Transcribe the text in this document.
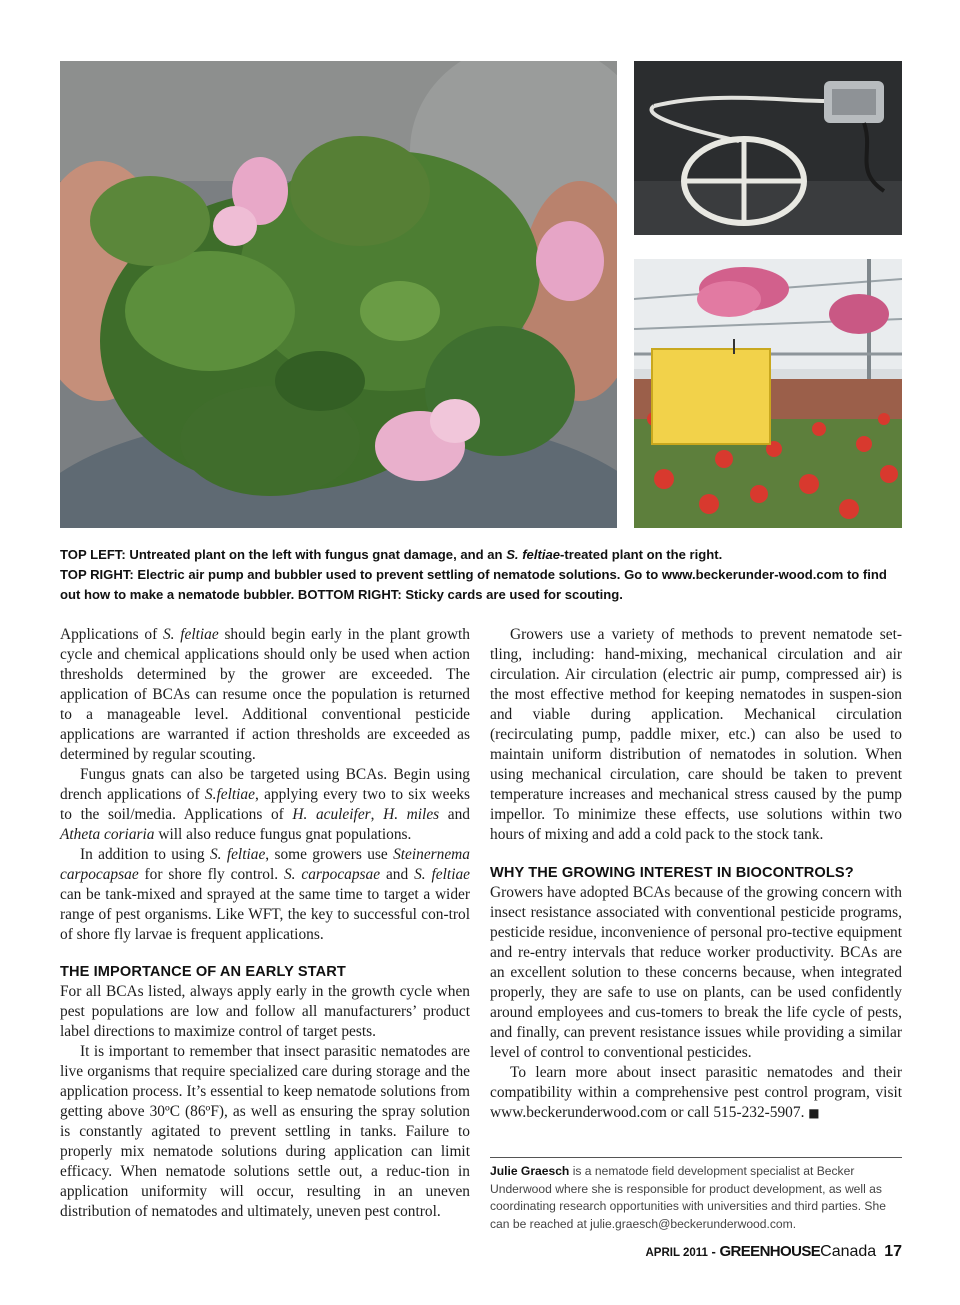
TOP LEFT: Untreated plant on the left with fungus gnat damage, and an S. feltiae-treated plant on the right.
TOP RIGHT: Electric air pump and bubbler used to prevent settling of nematode solutions. Go to www.beckerunder-wood.com to find out how to make a nematode bubbler. BOTTOM RIGHT: Sticky cards are used for scouting.

Applications of S. feltiae should begin early in the plant growth cycle and chemical applications should only be used when action thresholds determined by the grower are exceeded. The application of BCAs can resume once the population is returned to a manageable level. Additional conventional pesticide applications are warranted if action thresholds are exceeded as determined by regular scouting.

Fungus gnats can also be targeted using BCAs. Begin using drench applications of S.feltiae, applying every two to six weeks to the soil/media. Applications of H. aculeifer, H. miles and Atheta coriaria will also reduce fungus gnat populations.

In addition to using S. feltiae, some growers use Steinernema carpocapsae for shore fly control. S. carpocapsae and S. feltiae can be tank-mixed and sprayed at the same time to target a wider range of pest organisms. Like WFT, the key to successful con-trol of shore fly larvae is frequent applications.

THE IMPORTANCE OF AN EARLY START

For all BCAs listed, always apply early in the growth cycle when pest populations are low and follow all manufacturers’ product label directions to maximize control of target pests.

It is important to remember that insect parasitic nematodes are live organisms that require specialized care during storage and the application process. It’s essential to keep nematode solutions from getting above 30ºC (86ºF), as well as ensuring the spray solution is constantly agitated to prevent settling in tanks. Failure to properly mix nematode solutions during application can limit efficacy. When nematode solutions settle out, a reduc-tion in application uniformity will occur, resulting in an uneven distribution of nematodes and ultimately, uneven pest control.

Growers use a variety of methods to prevent nematode set-tling, including: hand-mixing, mechanical circulation and air circulation. Air circulation (electric air pump, compressed air) is the most effective method for keeping nematodes in suspen-sion and viable during application. Mechanical circulation (recirculating pump, paddle mixer, etc.) can also be used to maintain uniform distribution of nematodes in solution. When using mechanical circulation, care should be taken to prevent temperature increases and mechanical stress caused by the pump impellor. To minimize these effects, use solutions within two hours of mixing and add a cold pack to the stock tank.

WHY THE GROWING INTEREST IN BIOCONTROLS?

Growers have adopted BCAs because of the growing concern with insect resistance associated with conventional pesticide programs, pesticide residue, inconvenience of personal pro-tective equipment and re-entry intervals that reduce worker productivity. BCAs are an excellent solution to these concerns because, when integrated properly, they are safe to use on plants, can be used confidently around employees and cus-tomers to break the life cycle of pests, and finally, can prevent resistance issues while providing a similar level of control to conventional pesticides.

To learn more about insect parasitic nematodes and their compatibility within a comprehensive pest control program, visit www.beckerunderwood.com or call 515-232-5907. ■

Julie Graesch is a nematode field development specialist at Becker Underwood where she is responsible for product development, as well as coordinating research opportunities with universities and third parties. She can be reached at julie.graesch@beckerunderwood.com.
APRIL 2011 - GREENHOUSECanada 17
